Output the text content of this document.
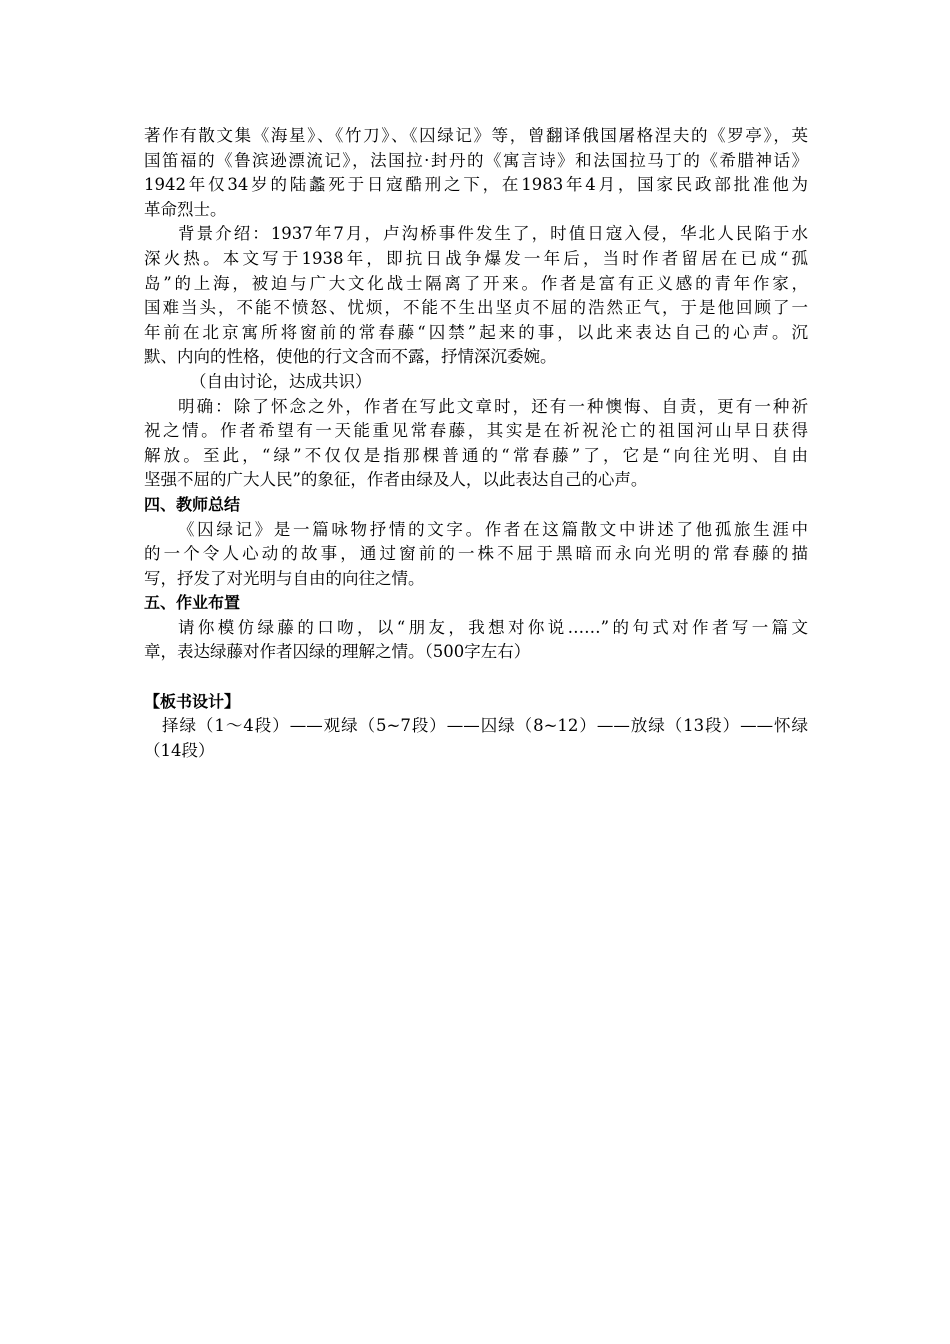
著作有散文集《海星》、《竹刀》、《囚绿记》等，曾翻译俄国屠格涅夫的《罗亭》，英
国笛福的《鲁滨逊漂流记》，法国拉·封丹的《寓言诗》和法国拉马丁的《希腊神话》
1942年仅34岁的陆蠡死于日寇酷刑之下，在1983年4月，国家民政部批准他为
革命烈士。
背景介绍：1937年7月，卢沟桥事件发生了，时值日寇入侵，华北人民陷于水
深火热。本文写于1938年，即抗日战争爆发一年后，当时作者留居在已成“孤
岛”的上海，被迫与广大文化战士隔离了开来。作者是富有正义感的青年作家，
国难当头，不能不愤怒、忧烦，不能不生出坚贞不屈的浩然正气，于是他回顾了一
年前在北京寓所将窗前的常春藤“囚禁”起来的事，以此来表达自己的心声。沉
默、内向的性格，使他的行文含而不露，抒情深沉委婉。
（自由讨论，达成共识）
明确：除了怀念之外，作者在写此文章时，还有一种懊悔、自责，更有一种祈
祝之情。作者希望有一天能重见常春藤，其实是在祈祝沦亡的祖国河山早日获得
解放。至此，“绿”不仅仅是指那棵普通的“常春藤”了，它是“向往光明、自由
坚强不屈的广大人民”的象征，作者由绿及人，以此表达自己的心声。
四、教师总结
《囚绿记》是一篇咏物抒情的文字。作者在这篇散文中讲述了他孤旅生涯中
的一个令人心动的故事，通过窗前的一株不屈于黑暗而永向光明的常春藤的描
写，抒发了对光明与自由的向往之情。
五、作业布置
请你模仿绿藤的口吻，以“朋友，我想对你说……”的句式对作者写一篇文
章，表达绿藤对作者囚绿的理解之情。（500字左右）
【板书设计】
择绿（1～4段）——观绿（5~7段）——囚绿（8~12）——放绿（13段）——怀绿
（14段）
